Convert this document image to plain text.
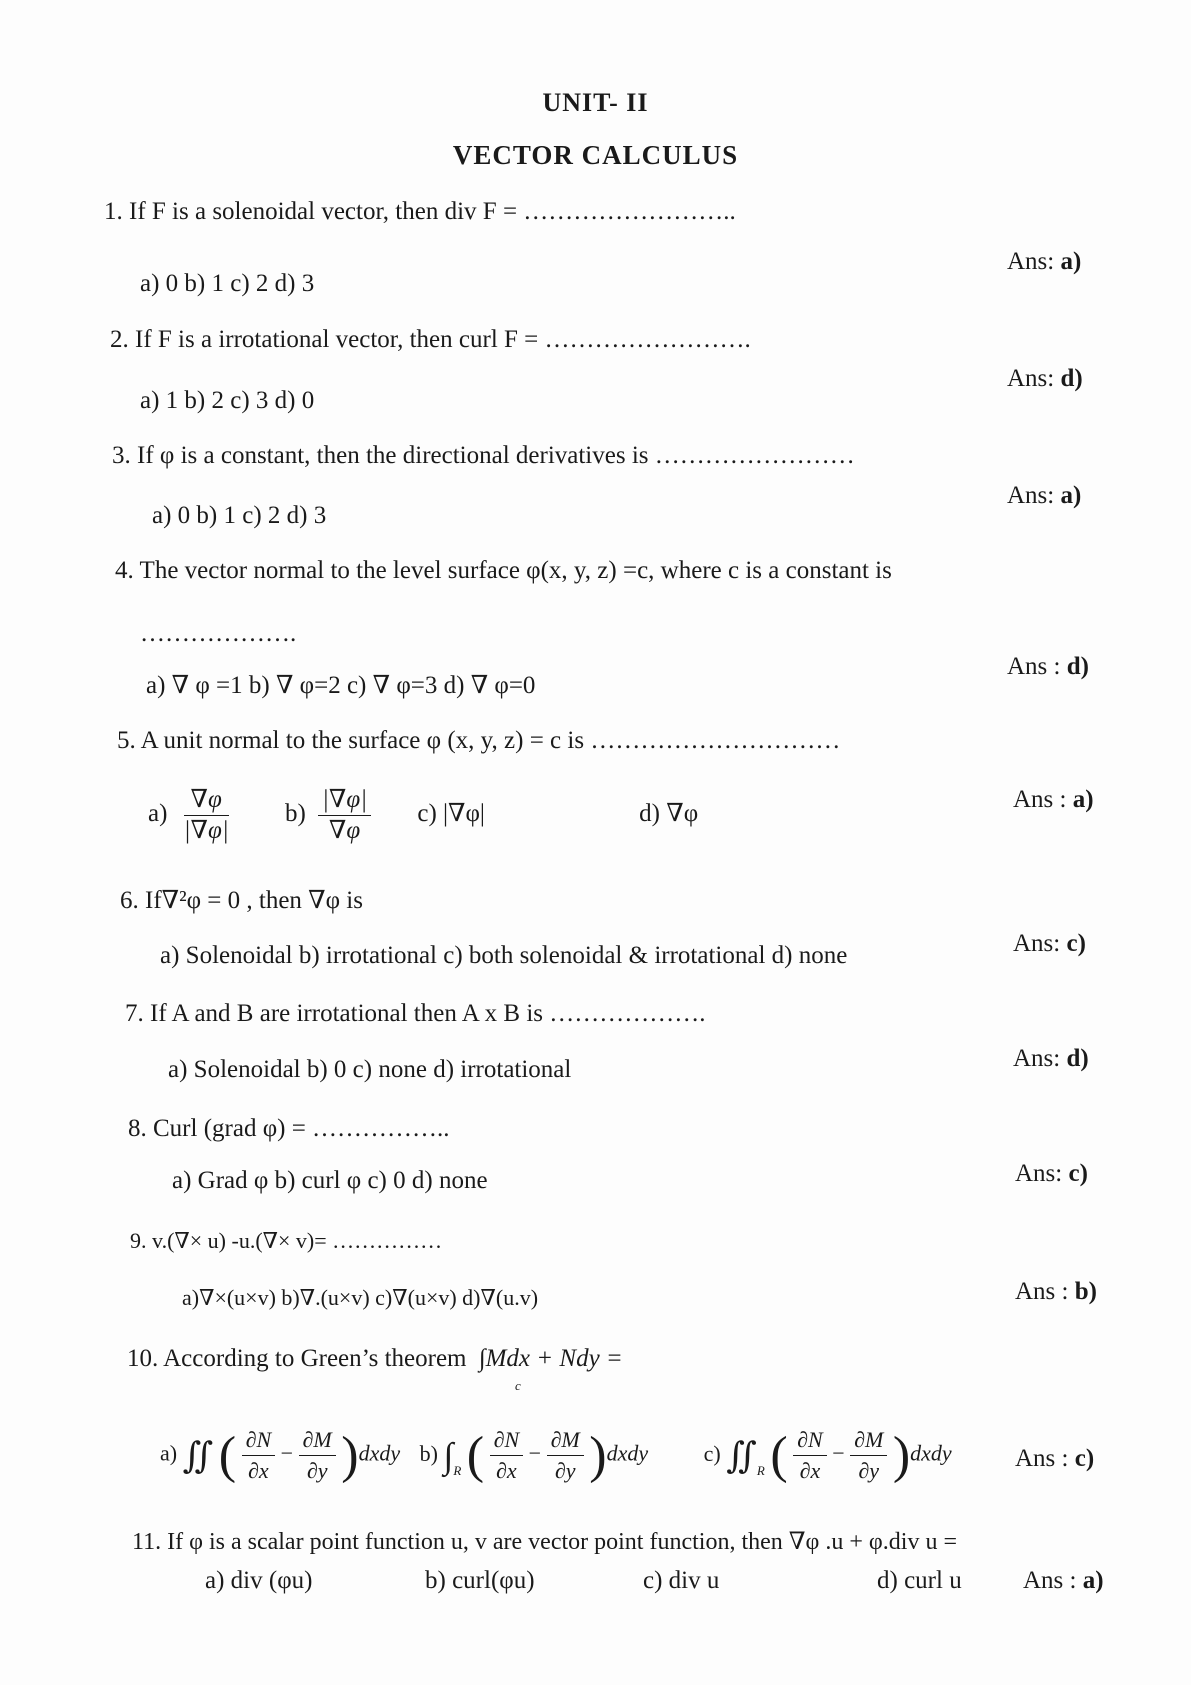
UNIT- II
VECTOR CALCULUS
1. If F is a solenoidal vector, then div F = ……………………..
a) 0 b) 1 c) 2 d) 3
Ans: a)
2. If F is a irrotational vector, then curl F = …………………….
a) 1 b) 2 c) 3 d) 0
Ans: d)
3. If φ is a constant, then the directional derivatives is ……………………
a) 0 b) 1 c) 2 d) 3
Ans: a)
4. The vector normal to the level surface φ(x, y, z) =c, where c is a constant is
……………….
a) ∇ φ =1 b) ∇ φ=2 c) ∇ φ=3 d) ∇ φ=0
Ans : d)
5. A unit normal to the surface φ (x, y, z) = c is …………………………
$a) \frac{\nabla\varphi}{|\nabla\varphi|} b) \frac{|\nabla\varphi|}{\nabla\varphi} c$) |∇φ|	d) ∇φ
Ans : a)
6. If∇²φ = 0 , then ∇φ is
a) Solenoidal b) irrotational c) both solenoidal & irrotational d) none	Ans: c)
7. If A and B are irrotational then A x B is ……………….
a) Solenoidal b) 0 c) none d) irrotational	Ans: d)
8. Curl (grad φ) = ……………..
a) Grad φ b) curl φ c) 0 d) none	Ans: c)
9. v.(∇× u) -u.(∇× v)= ……………
a)∇×(u×v) b)∇.(u×v) c)∇(u×v) d)∇(u.v)	Ans : b)
10. According to Green’s theorem ∫Mdx + Ndy =
c
a) ∬ ( $\frac{\partial N}{\partial x} - \frac{\partial M}{\partial y}$ )dxdy b) $\int_R$ ( $\frac{\partial N}{\partial x} - \frac{\partial M}{\partial y}$ )dxdy	c) $∬_R$ ( $\frac{\partial N}{\partial x} - \frac{\partial M}{\partial y}$ )dxdy	Ans : c)
11. If φ is a scalar point function u, v are vector point function, then ∇φ .u + φ.div u =
a) div (φu)	b) curl(φu)	c) div u	d) curl u Ans : a)
